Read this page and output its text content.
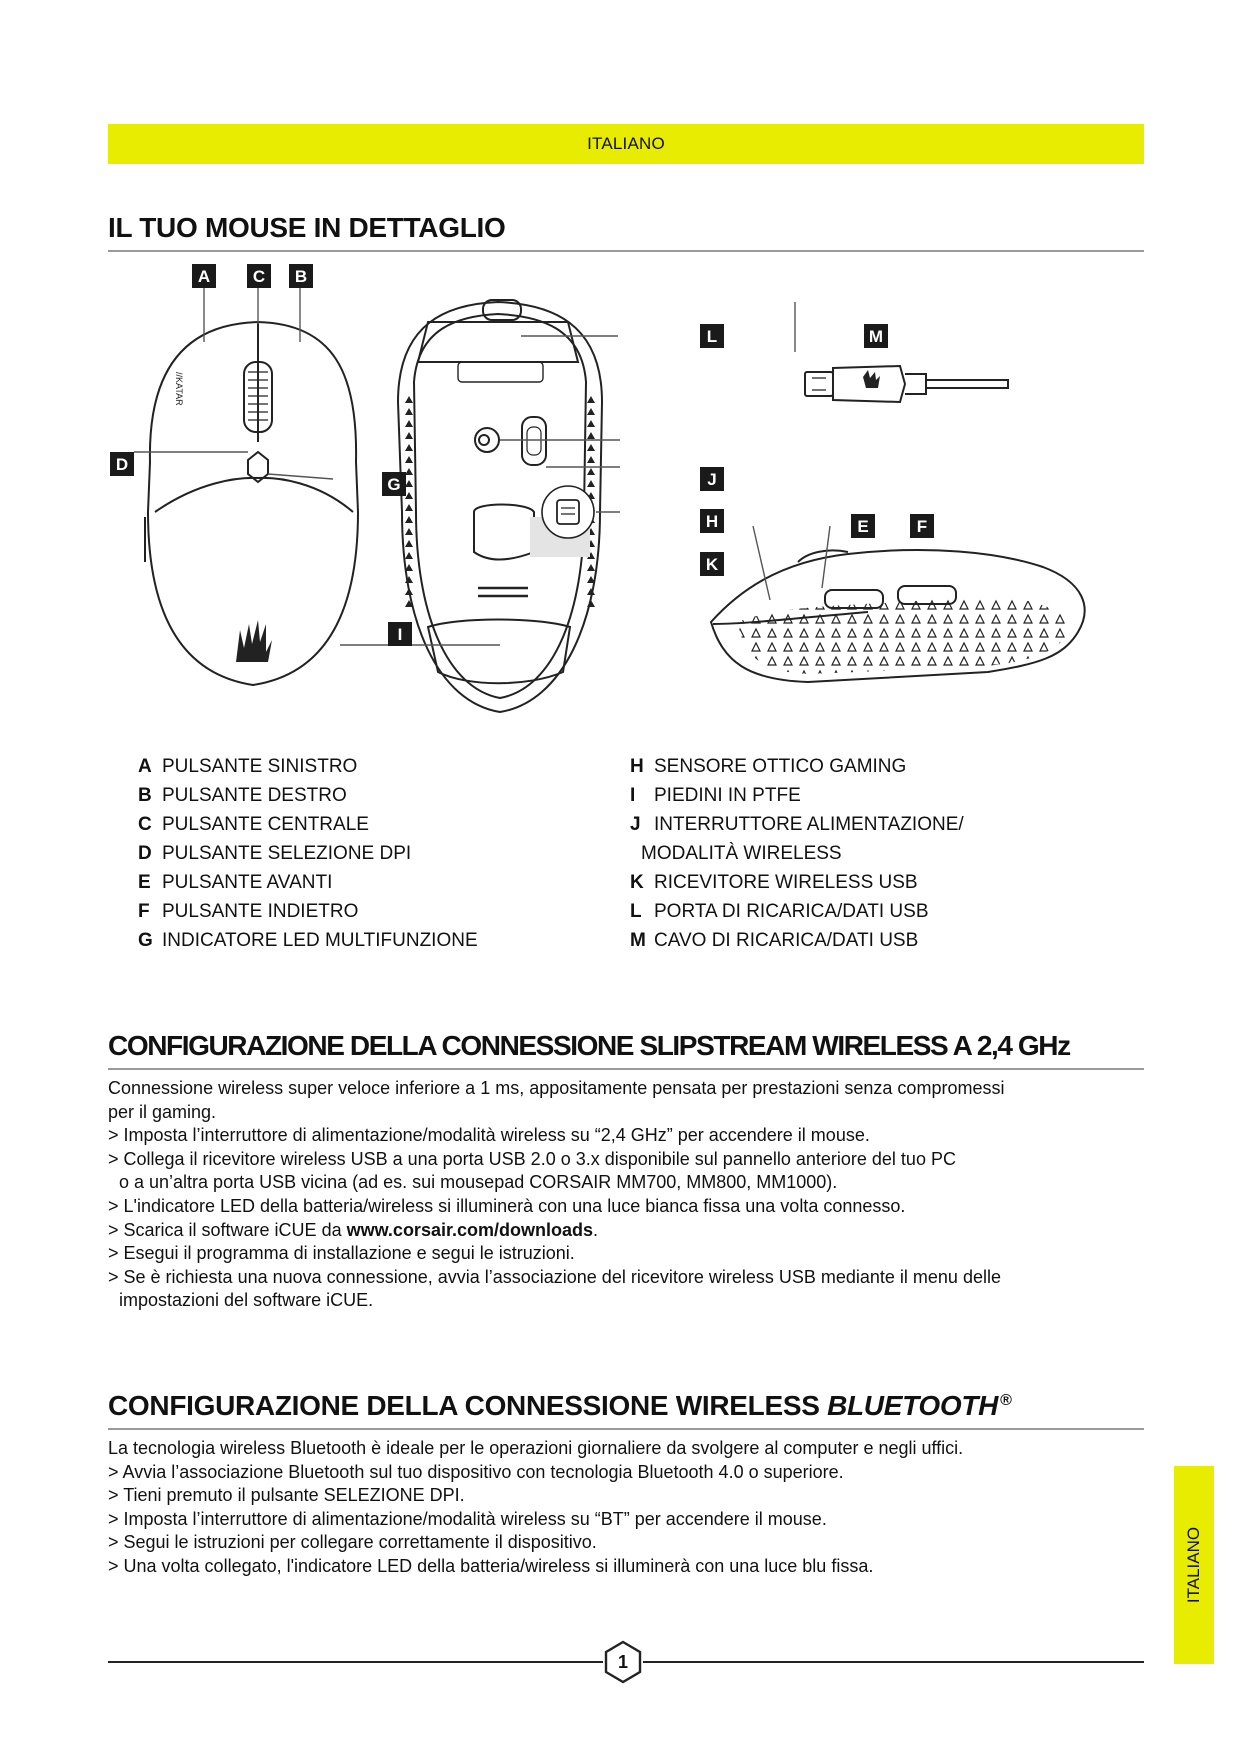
ITALIANO
IL TUO MOUSE IN DETTAGLIO
//KATAR
A	C B
D
G
L	M
J
H
K
I
E	F
A PULSANTE SINISTRO
B PULSANTE DESTRO
C PULSANTE CENTRALE
D PULSANTE SELEZIONE DPI
E PULSANTE AVANTI
F PULSANTE INDIETRO
G INDICATORE LED MULTIFUNZIONE
H SENSORE OTTICO GAMING
I PIEDINI IN PTFE
J INTERRUTTORE ALIMENTAZIONE/
MODALITÀ WIRELESS
K RICEVITORE WIRELESS USB
L PORTA DI RICARICA/DATI USB
M CAVO DI RICARICA/DATI USB
CONFIGURAZIONE DELLA CONNESSIONE SLIPSTREAM WIRELESS A 2,4 GHz

Connessione wireless super veloce inferiore a 1 ms, appositamente pensata per prestazioni senza compromessi

per il gaming.

> Imposta l’interruttore di alimentazione/modalità wireless su “2,4 GHz” per accendere il mouse.

> Collega il ricevitore wireless USB a una porta USB 2.0 o 3.x disponibile sul pannello anteriore del tuo PC

o a un’altra porta USB vicina (ad es. sui mousepad CORSAIR MM700, MM800, MM1000).

> L'indicatore LED della batteria/wireless si illuminerà con una luce bianca fissa una volta connesso.

> Scarica il software iCUE da www.corsair.com/downloads.

> Esegui il programma di installazione e segui le istruzioni.

> Se è richiesta una nuova connessione, avvia l’associazione del ricevitore wireless USB mediante il menu delle

impostazioni del software iCUE.

CONFIGURAZIONE DELLA CONNESSIONE WIRELESS BLUETOOTH ®

La tecnologia wireless Bluetooth è ideale per le operazioni giornaliere da svolgere al computer e negli uffici.

> Avvia l’associazione Bluetooth sul tuo dispositivo con tecnologia Bluetooth 4.0 o superiore.

> Tieni premuto il pulsante SELEZIONE DPI.

> Imposta l’interruttore di alimentazione/modalità wireless su “BT” per accendere il mouse.

> Segui le istruzioni per collegare correttamente il dispositivo.

> Una volta collegato, l'indicatore LED della batteria/wireless si illuminerà con una luce blu fissa.	ITALIANO
1
